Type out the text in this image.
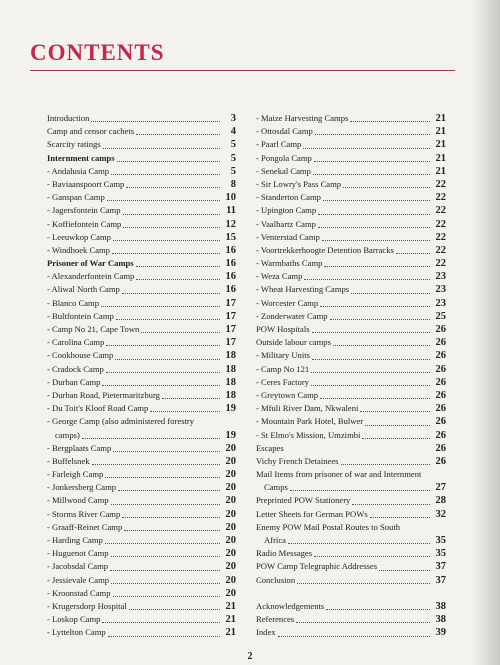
CONTENTS
Introduction	3
Camp and censor cachets	4
Scarcity ratings	5
Internment camps	5
- Andalusia Camp	5
- Baviaanspoort Camp	8
- Ganspan Camp	10
- Jagersfontein Camp	11
- Koffiefontein Camp	12
- Leeuwkop Camp	15
- Windhoek Camp	16
Prisoner of War Camps	16
- Alexanderfontein Camp	16
- Aliwal North Camp	16
- Blanco Camp	17
- Bultfontein Camp	17
- Camp No 21, Cape Town	17
- Carolina Camp	17
- Cookhouse Camp	18
- Cradock Camp	18
- Durban Camp	18
- Durban Road, Pietermaritzburg	18
- Du Toit's Kloof Road Camp	19
- George Camp (also administered forestry
camps)	19
- Bergplaats Camp	20
- Buffelsnek	20
- Farleigh Camp	20
- Jonkersberg Camp	20
- Millwood Camp	20
- Storms River Camp	20
- Graaff-Reinet Camp	20
- Harding Camp	20
- Huguenot Camp	20
- Jacobsdal Camp	20
- Jessievale Camp	20
- Kroonstad Camp	20
- Krugersdorp Hospital	21
- Loskop Camp	21
- Lyttelton Camp	21
- Maize Harvesting Camps	21
- Ottosdal Camp	21
- Paarl Camp	21
- Pongola Camp	21
- Senekal Camp	21
- Sir Lowry's Pass Camp	22
- Standerton Camp	22
- Upington Camp	22
- Vaalhartz Camp	22
- Venterstad Camp	22
- Voortrekkerhoogte Detention Barracks	22
- Warmbaths Camp	22
- Weza Camp	23
- Wheat Harvesting Camps	23
- Worcester Camp	23
- Zonderwater Camp	25
POW Hospitals	26
Outside labour camps	26
- Military Units	26
- Camp No 121	26
- Ceres Factory	26
- Greytown Camp	26
- Mfuli River Dam, Nkwaleni	26
- Mountain Park Hotel, Bulwer	26
- St Elmo's Mission, Umzimbi	26
Escapes	26
Vichy French Detainees	26
Mail Items from prisoner of war and Internment
Camps	27
Preprinted POW Stationery	28
Letter Sheets for German POWs	32
Enemy POW Mail Postal Routes to South
Africa	35
Radio Messages	35
POW Camp Telegraphic Addresses	37
Conclusion	37
Acknowledgements	38
References	38
Index	39
2
